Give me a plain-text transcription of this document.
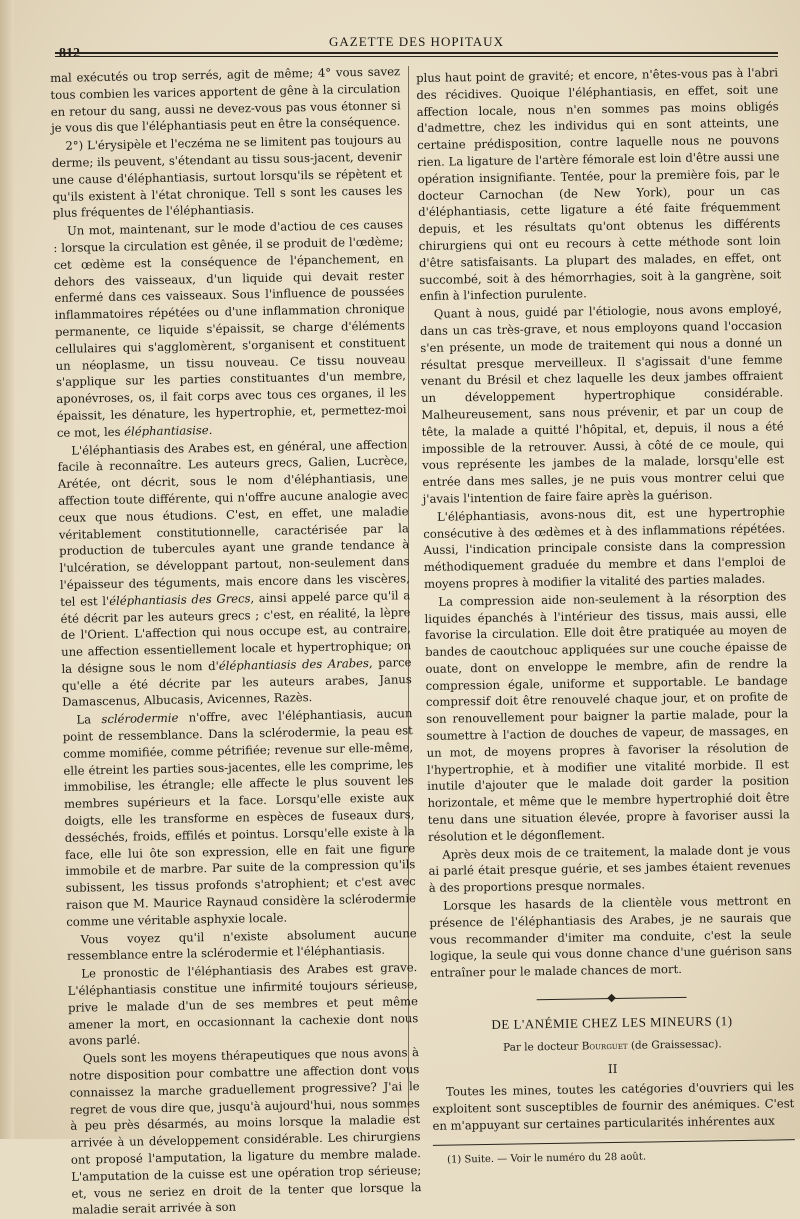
812
GAZETTE DES HOPITAUX

mal exécutés ou trop serrés, agit de même; 4° vous savez tous combien les varices apportent de gêne à la circulation en retour du sang, aussi ne devez-vous pas vous étonner si je vous dis que l'éléphantiasis peut en être la conséquence.

2°) L'érysipèle et l'eczéma ne se limitent pas toujours au derme; ils peuvent, s'étendant au tissu sous-jacent, devenir une cause d'éléphantiasis, surtout lorsqu'ils se répètent et qu'ils existent à l'état chronique. Tell s sont les causes les plus fréquentes de l'éléphantiasis.

Un mot, maintenant, sur le mode d'actiou de ces causes : lorsque la circulation est gênée, il se produit de l'œdème; cet œdème est la conséquence de l'épanchement, en dehors des vaisseaux, d'un liquide qui devait rester enfermé dans ces vaisseaux. Sous l'influence de poussées inflammatoires répétées ou d'une inflammation chronique permanente, ce liquide s'épaissit, se charge d'éléments cellulaires qui s'agglomèrent, s'organisent et constituent un néoplasme, un tissu nouveau. Ce tissu nouveau s'applique sur les parties constituantes d'un membre, aponévroses, os, il fait corps avec tous ces organes, il les épaissit, les dénature, les hypertrophie, et, permettez-moi ce mot, les éléphantiasise.

L'éléphantiasis des Arabes est, en général, une affection facile à reconnaître. Les auteurs grecs, Galien, Lucrèce, Arétée, ont décrit, sous le nom d'éléphantiasis, une affection toute différente, qui n'offre aucune analogie avec ceux que nous étudions. C'est, en effet, une maladie véritablement constitutionnelle, caractérisée par la production de tubercules ayant une grande tendance à l'ulcération, se développant partout, non-seulement dans l'épaisseur des téguments, mais encore dans les viscères, tel est l'éléphantiasis des Grecs, ainsi appelé parce qu'il a été décrit par les auteurs grecs ; c'est, en réalité, la lèpre de l'Orient. L'affection qui nous occupe est, au contraire, une affection essentiellement locale et hypertrophique; on la désigne sous le nom d'éléphantiasis des Arabes, parce qu'elle a été décrite par les auteurs arabes, Janus Damascenus, Albucasis, Avicennes, Razès.

La sclérodermie n'offre, avec l'éléphantiasis, aucun point de ressemblance. Dans la sclérodermie, la peau est comme momifiée, comme pétrifiée; revenue sur elle-même, elle étreint les parties sous-jacentes, elle les comprime, les immobilise, les étrangle; elle affecte le plus souvent les membres supérieurs et la face. Lorsqu'elle existe aux doigts, elle les transforme en espèces de fuseaux durs, desséchés, froids, effilés et pointus. Lorsqu'elle existe à la face, elle lui ôte son expression, elle en fait une figure immobile et de marbre. Par suite de la compression qu'ils subissent, les tissus profonds s'atrophient; et c'est avec raison que M. Maurice Raynaud considère la sclérodermie comme une véritable asphyxie locale.

Vous voyez qu'il n'existe absolument aucune ressemblance entre la sclérodermie et l'éléphantiasis.

Le pronostic de l'éléphantiasis des Arabes est grave. L'éléphantiasis constitue une infirmité toujours sérieuse, prive le malade d'un de ses membres et peut même amener la mort, en occasionnant la cachexie dont nous avons parlé.

Quels sont les moyens thérapeutiques que nous avons à notre disposition pour combattre une affection dont vous connaissez la marche graduellement progressive? J'ai le regret de vous dire que, jusqu'à aujourd'hui, nous sommes à peu près désarmés, au moins lorsque la maladie est arrivée à un développement considérable. Les chirurgiens ont proposé l'amputation, la ligature du membre malade. L'amputation de la cuisse est une opération trop sérieuse; et, vous ne seriez en droit de la tenter que lorsque la maladie serait arrivée à son

plus haut point de gravité; et encore, n'êtes-vous pas à l'abri des récidives. Quoique l'éléphantiasis, en effet, soit une affection locale, nous n'en sommes pas moins obligés d'admettre, chez les individus qui en sont atteints, une certaine prédisposition, contre laquelle nous ne pouvons rien. La ligature de l'artère fémorale est loin d'être aussi une opération insignifiante. Tentée, pour la première fois, par le docteur Carnochan (de New York), pour un cas d'éléphantiasis, cette ligature a été faite fréquemment depuis, et les résultats qu'ont obtenus les différents chirurgiens qui ont eu recours à cette méthode sont loin d'être satisfaisants. La plupart des malades, en effet, ont succombé, soit à des hémorrhagies, soit à la gangrène, soit enfin à l'infection purulente.

Quant à nous, guidé par l'étiologie, nous avons employé, dans un cas très-grave, et nous employons quand l'occasion s'en présente, un mode de traitement qui nous a donné un résultat presque merveilleux. Il s'agissait d'une femme venant du Brésil et chez laquelle les deux jambes offraient un développement hypertrophique considérable. Malheureusement, sans nous prévenir, et par un coup de tête, la malade a quitté l'hôpital, et, depuis, il nous a été impossible de la retrouver. Aussi, à côté de ce moule, qui vous représente les jambes de la malade, lorsqu'elle est entrée dans mes salles, je ne puis vous montrer celui que j'avais l'intention de faire faire après la guérison.

L'éléphantiasis, avons-nous dit, est une hypertrophie consécutive à des œdèmes et à des inflammations répétées. Aussi, l'indication principale consiste dans la compression méthodiquement graduée du membre et dans l'emploi de moyens propres à modifier la vitalité des parties malades.

La compression aide non-seulement à la résorption des liquides épanchés à l'intérieur des tissus, mais aussi, elle favorise la circulation. Elle doit être pratiquée au moyen de bandes de caoutchouc appliquées sur une couche épaisse de ouate, dont on enveloppe le membre, afin de rendre la compression égale, uniforme et supportable. Le bandage compressif doit être renouvelé chaque jour, et on profite de son renouvellement pour baigner la partie malade, pour la soumettre à l'action de douches de vapeur, de massages, en un mot, de moyens propres à favoriser la résolution de l'hypertrophie, et à modifier une vitalité morbide. Il est inutile d'ajouter que le malade doit garder la position horizontale, et même que le membre hypertrophié doit être tenu dans une situation élevée, propre à favoriser aussi la résolution et le dégonflement.

Après deux mois de ce traitement, la malade dont je vous ai parlé était presque guérie, et ses jambes étaient revenues à des proportions presque normales.

Lorsque les hasards de la clientèle vous mettront en présence de l'éléphantiasis des Arabes, je ne saurais que vous recommander d'imiter ma conduite, c'est la seule logique, la seule qui vous donne chance d'une guérison sans entraîner pour le malade chances de mort.

DE L'ANÉMIE CHEZ LES MINEURS (1)
Par le docteur Bourguet (de Graissessac).
II

Toutes les mines, toutes les catégories d'ouvriers qui les exploitent sont susceptibles de fournir des anémiques. C'est en m'appuyant sur certaines particularités inhérentes aux

(1) Suite. — Voir le numéro du 28 août.
